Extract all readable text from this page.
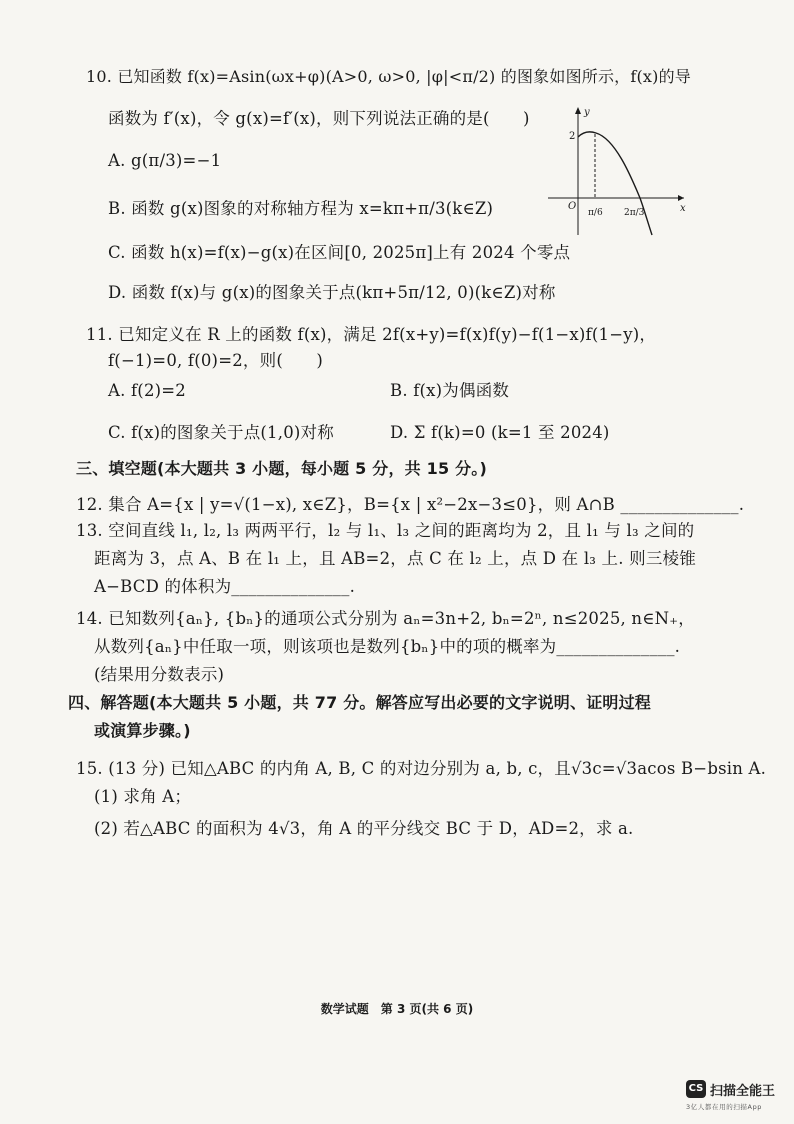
10. 已知函数 f(x)=Asin(ωx+φ)(A>0, ω>0, |φ|<π/2) 的图象如图所示，f(x)的导
函数为 f′(x)，令 g(x)=f′(x)，则下列说法正确的是(　　)
A. g(π/3)=−1
B. 函数 g(x)图象的对称轴方程为 x=kπ+π/3(k∈Z)
C. 函数 h(x)=f(x)−g(x)在区间[0, 2025π]上有 2024 个零点
D. 函数 f(x)与 g(x)的图象关于点(kπ+5π/12, 0)(k∈Z)对称
y
x
O
2
π/6 2π/3
11. 已知定义在 R 上的函数 f(x)，满足 2f(x+y)=f(x)f(y)−f(1−x)f(1−y)，
f(−1)=0, f(0)=2，则(　　)
A. f(2)=2	B. f(x)为偶函数
C. f(x)的图象关于点(1,0)对称	D. Σ f(k)=0 (k=1 至 2024)
三、填空题(本大题共 3 小题，每小题 5 分，共 15 分。)
12. 集合 A={x | y=√(1−x), x∈Z}，B={x | x²−2x−3≤0}，则 A∩B ______________.
13. 空间直线 l₁, l₂, l₃ 两两平行，l₂ 与 l₁、l₃ 之间的距离均为 2，且 l₁ 与 l₃ 之间的
距离为 3，点 A、B 在 l₁ 上，且 AB=2，点 C 在 l₂ 上，点 D 在 l₃ 上. 则三棱锥
A−BCD 的体积为______________.
14. 已知数列{aₙ}, {bₙ}的通项公式分别为 aₙ=3n+2, bₙ=2ⁿ, n≤2025, n∈N₊，
从数列{aₙ}中任取一项，则该项也是数列{bₙ}中的项的概率为______________.
(结果用分数表示)
四、解答题(本大题共 5 小题，共 77 分。解答应写出必要的文字说明、证明过程
或演算步骤。)
15. (13 分) 已知△ABC 的内角 A, B, C 的对边分别为 a, b, c，且√3c=√3acos B−bsin A.
(1) 求角 A；
(2) 若△ABC 的面积为 4√3，角 A 的平分线交 BC 于 D，AD=2，求 a.
数学试题　第 3 页(共 6 页)
CS 扫描全能王
3亿人都在用的扫描App
